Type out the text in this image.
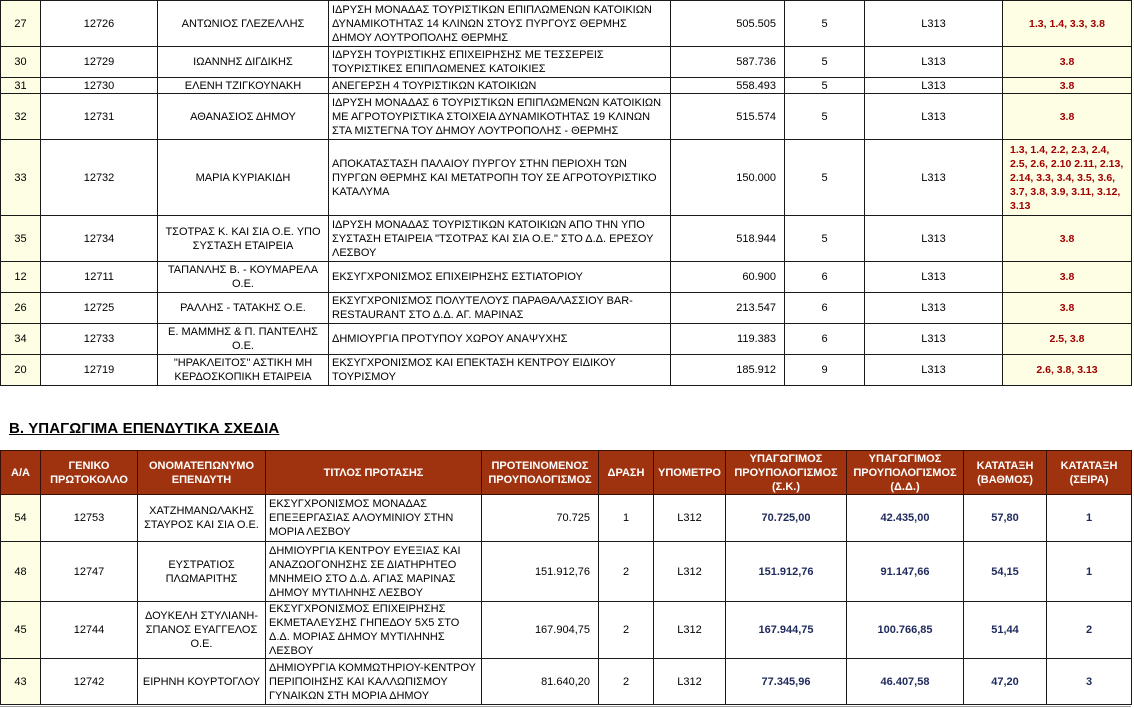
27	12726	ΑΝΤΩΝΙΟΣ ΓΛΕΖΕΛΛΗΣ	ΙΔΡΥΣΗ ΜΟΝΑΔΑΣ ΤΟΥΡΙΣΤΙΚΩΝ ΕΠΙΠΛΩΜΕΝΩΝ ΚΑΤΟΙΚΙΩΝ ΔΥΝΑΜΙΚΟΤΗΤΑΣ 14 ΚΛΙΝΩΝ ΣΤΟΥΣ ΠΥΡΓΟΥΣ ΘΕΡΜΗΣ ΔΗΜΟΥ ΛΟΥΤΡΟΠΟΛΗΣ ΘΕΡΜΗΣ	505.505	5	L313	1.3, 1.4, 3.3, 3.8
30	12729	ΙΩΑΝΝΗΣ ΔΙΓΔΙΚΗΣ	ΙΔΡΥΣΗ ΤΟΥΡΙΣΤΙΚΗΣ ΕΠΙΧΕΙΡΗΣΗΣ ΜΕ ΤΕΣΣΕΡΕΙΣ ΤΟΥΡΙΣΤΙΚΕΣ ΕΠΙΠΛΩΜΕΝΕΣ ΚΑΤΟΙΚΙΕΣ	587.736	5	L313	3.8
31	12730	ΕΛΕΝΗ ΤΖΙΓΚΟΥΝΑΚΗ	ΑΝΕΓΕΡΣΗ 4 ΤΟΥΡΙΣΤΙΚΩΝ ΚΑΤΟΙΚΙΩΝ	558.493	5	L313	3.8
32	12731	ΑΘΑΝΑΣΙΟΣ ΔΗΜΟΥ	ΙΔΡΥΣΗ ΜΟΝΑΔΑΣ 6 ΤΟΥΡΙΣΤΙΚΩΝ ΕΠΙΠΛΩΜΕΝΩΝ ΚΑΤΟΙΚΙΩΝ ΜΕ ΑΓΡΟΤΟΥΡΙΣΤΙΚΑ ΣΤΟΙΧΕΙΑ ΔΥΝΑΜΙΚΟΤΗΤΑΣ 19 ΚΛΙΝΩΝ ΣΤΑ ΜΙΣΤΕΓΝΑ ΤΟΥ ΔΗΜΟΥ ΛΟΥΤΡΟΠΟΛΗΣ - ΘΕΡΜΗΣ	515.574	5	L313	3.8
33	12732	ΜΑΡΙΑ ΚΥΡΙΑΚΙΔΗ	ΑΠΟΚΑΤΑΣΤΑΣΗ ΠΑΛΑΙΟΥ ΠΥΡΓΟΥ ΣΤΗΝ ΠΕΡΙΟΧΗ ΤΩΝ ΠΥΡΓΩΝ ΘΕΡΜΗΣ ΚΑΙ ΜΕΤΑΤΡΟΠΗ ΤΟΥ ΣΕ ΑΓΡΟΤΟΥΡΙΣΤΙΚΟ ΚΑΤΑΛΥΜΑ	150.000	5	L313	1.3, 1.4, 2.2, 2.3, 2.4, 2.5, 2.6, 2.10 2.11, 2.13, 2.14, 3.3, 3.4, 3.5, 3.6, 3.7, 3.8, 3.9, 3.11, 3.12, 3.13
35	12734	ΤΣΟΤΡΑΣ Κ. ΚΑΙ ΣΙΑ Ο.Ε. ΥΠΟ ΣΥΣΤΑΣΗ ΕΤΑΙΡΕΙΑ	ΙΔΡΥΣΗ ΜΟΝΑΔΑΣ ΤΟΥΡΙΣΤΙΚΩΝ ΚΑΤΟΙΚΙΩΝ ΑΠΟ ΤΗΝ ΥΠΟ ΣΥΣΤΑΣΗ ΕΤΑΙΡΕΙΑ "ΤΣΟΤΡΑΣ ΚΑΙ ΣΙΑ Ο.Ε." ΣΤΟ Δ.Δ. ΕΡΕΣΟΥ ΛΕΣΒΟΥ	518.944	5	L313	3.8
12	12711	ΤΑΠΑΝΛΗΣ Β. - ΚΟΥΜΑΡΕΛΑ Ο.Ε.	ΕΚΣΥΓΧΡΟΝΙΣΜΟΣ ΕΠΙΧΕΙΡΗΣΗΣ ΕΣΤΙΑΤΟΡΙΟΥ	60.900	6	L313	3.8
26	12725	ΡΑΛΛΗΣ - ΤΑΤΑΚΗΣ Ο.Ε.	ΕΚΣΥΓΧΡΟΝΙΣΜΟΣ ΠΟΛΥΤΕΛΟΥΣ ΠΑΡΑΘΑΛΑΣΣΙΟΥ BAR-RESTAURANT ΣΤΟ Δ.Δ. ΑΓ. ΜΑΡΙΝΑΣ	213.547	6	L313	3.8
34	12733	Ε. ΜΑΜΜΗΣ & Π. ΠΑΝΤΕΛΗΣ Ο.Ε.	ΔΗΜΙΟΥΡΓΙΑ ΠΡΟΤΥΠΟΥ ΧΩΡΟΥ ΑΝΑΨΥΧΗΣ	119.383	6	L313	2.5, 3.8
20	12719	"ΗΡΑΚΛΕΙΤΟΣ" ΑΣΤΙΚΗ ΜΗ ΚΕΡΔΟΣΚΟΠΙΚΗ ΕΤΑΙΡΕΙΑ	ΕΚΣΥΓΧΡΟΝΙΣΜΟΣ ΚΑΙ ΕΠΕΚΤΑΣΗ ΚΕΝΤΡΟΥ ΕΙΔΙΚΟΥ ΤΟΥΡΙΣΜΟΥ	185.912	9	L313	2.6, 3.8, 3.13
Β. ΥΠΑΓΩΓΙΜΑ ΕΠΕΝΔΥΤΙΚΑ ΣΧΕΔΙΑ
Α/Α	ΓΕΝΙΚΟ ΠΡΩΤΟΚΟΛΛΟ	ΟΝΟΜΑΤΕΠΩΝΥΜΟ ΕΠΕΝΔΥΤΗ	ΤΙΤΛΟΣ ΠΡΟΤΑΣΗΣ	ΠΡΟΤΕΙΝΟΜΕΝΟΣ ΠΡΟΥΠΟΛΟΓΙΣΜΟΣ	ΔΡΑΣΗ	ΥΠΟΜΕΤΡΟ	ΥΠΑΓΩΓΙΜΟΣ ΠΡΟΥΠΟΛΟΓΙΣΜΟΣ (Σ.Κ.)	ΥΠΑΓΩΓΙΜΟΣ ΠΡΟΥΠΟΛΟΓΙΣΜΟΣ (Δ.Δ.)	ΚΑΤΑΤΑΞΗ (ΒΑΘΜΟΣ)	ΚΑΤΑΤΑΞΗ (ΣΕΙΡΑ)
54	12753	ΧΑΤΖΗΜΑΝΩΛΑΚΗΣ ΣΤΑΥΡΟΣ ΚΑΙ ΣΙΑ Ο.Ε.	ΕΚΣΥΓΧΡΟΝΙΣΜΟΣ ΜΟΝΑΔΑΣ ΕΠΕΞΕΡΓΑΣΙΑΣ ΑΛΟΥΜΙΝΙΟΥ ΣΤΗΝ ΜΟΡΙΑ ΛΕΣΒΟΥ	70.725	1	L312	70.725,00	42.435,00	57,80	1
48	12747	ΕΥΣΤΡΑΤΙΟΣ ΠΛΩΜΑΡΙΤΗΣ	ΔΗΜΙΟΥΡΓΙΑ ΚΕΝΤΡΟΥ ΕΥΕΞΙΑΣ ΚΑΙ ΑΝΑΖΩΟΓΟΝΗΣΗΣ ΣΕ ΔΙΑΤΗΡΗΤΕΟ ΜΝΗΜΕΙΟ ΣΤΟ Δ.Δ. ΑΓΙΑΣ ΜΑΡΙΝΑΣ ΔΗΜΟΥ ΜΥΤΙΛΗΝΗΣ ΛΕΣΒΟΥ	151.912,76	2	L312	151.912,76	91.147,66	54,15	1
45	12744	ΔΟΥΚΕΛΗ ΣΤΥΛΙΑΝΗ- ΣΠΑΝΟΣ ΕΥΑΓΓΕΛΟΣ Ο.Ε.	ΕΚΣΥΓΧΡΟΝΙΣΜΟΣ ΕΠΙΧΕΙΡΗΣΗΣ ΕΚΜΕΤΑΛΕΥΣΗΣ ΓΗΠΕΔΟΥ 5Χ5 ΣΤΟ Δ.Δ. ΜΟΡΙΑΣ ΔΗΜΟΥ ΜΥΤΙΛΗΝΗΣ ΛΕΣΒΟΥ	167.904,75	2	L312	167.944,75	100.766,85	51,44	2
43	12742	ΕΙΡΗΝΗ ΚΟΥΡΤΟΓΛΟΥ	ΔΗΜΙΟΥΡΓΙΑ ΚΟΜΜΩΤΗΡΙΟΥ-ΚΕΝΤΡΟΥ ΠΕΡΙΠΟΙΗΣΗΣ ΚΑΙ ΚΑΛΛΩΠΙΣΜΟΥ ΓΥΝΑΙΚΩΝ ΣΤΗ ΜΟΡΙΑ ΔΗΜΟΥ	81.640,20	2	L312	77.345,96	46.407,58	47,20	3
